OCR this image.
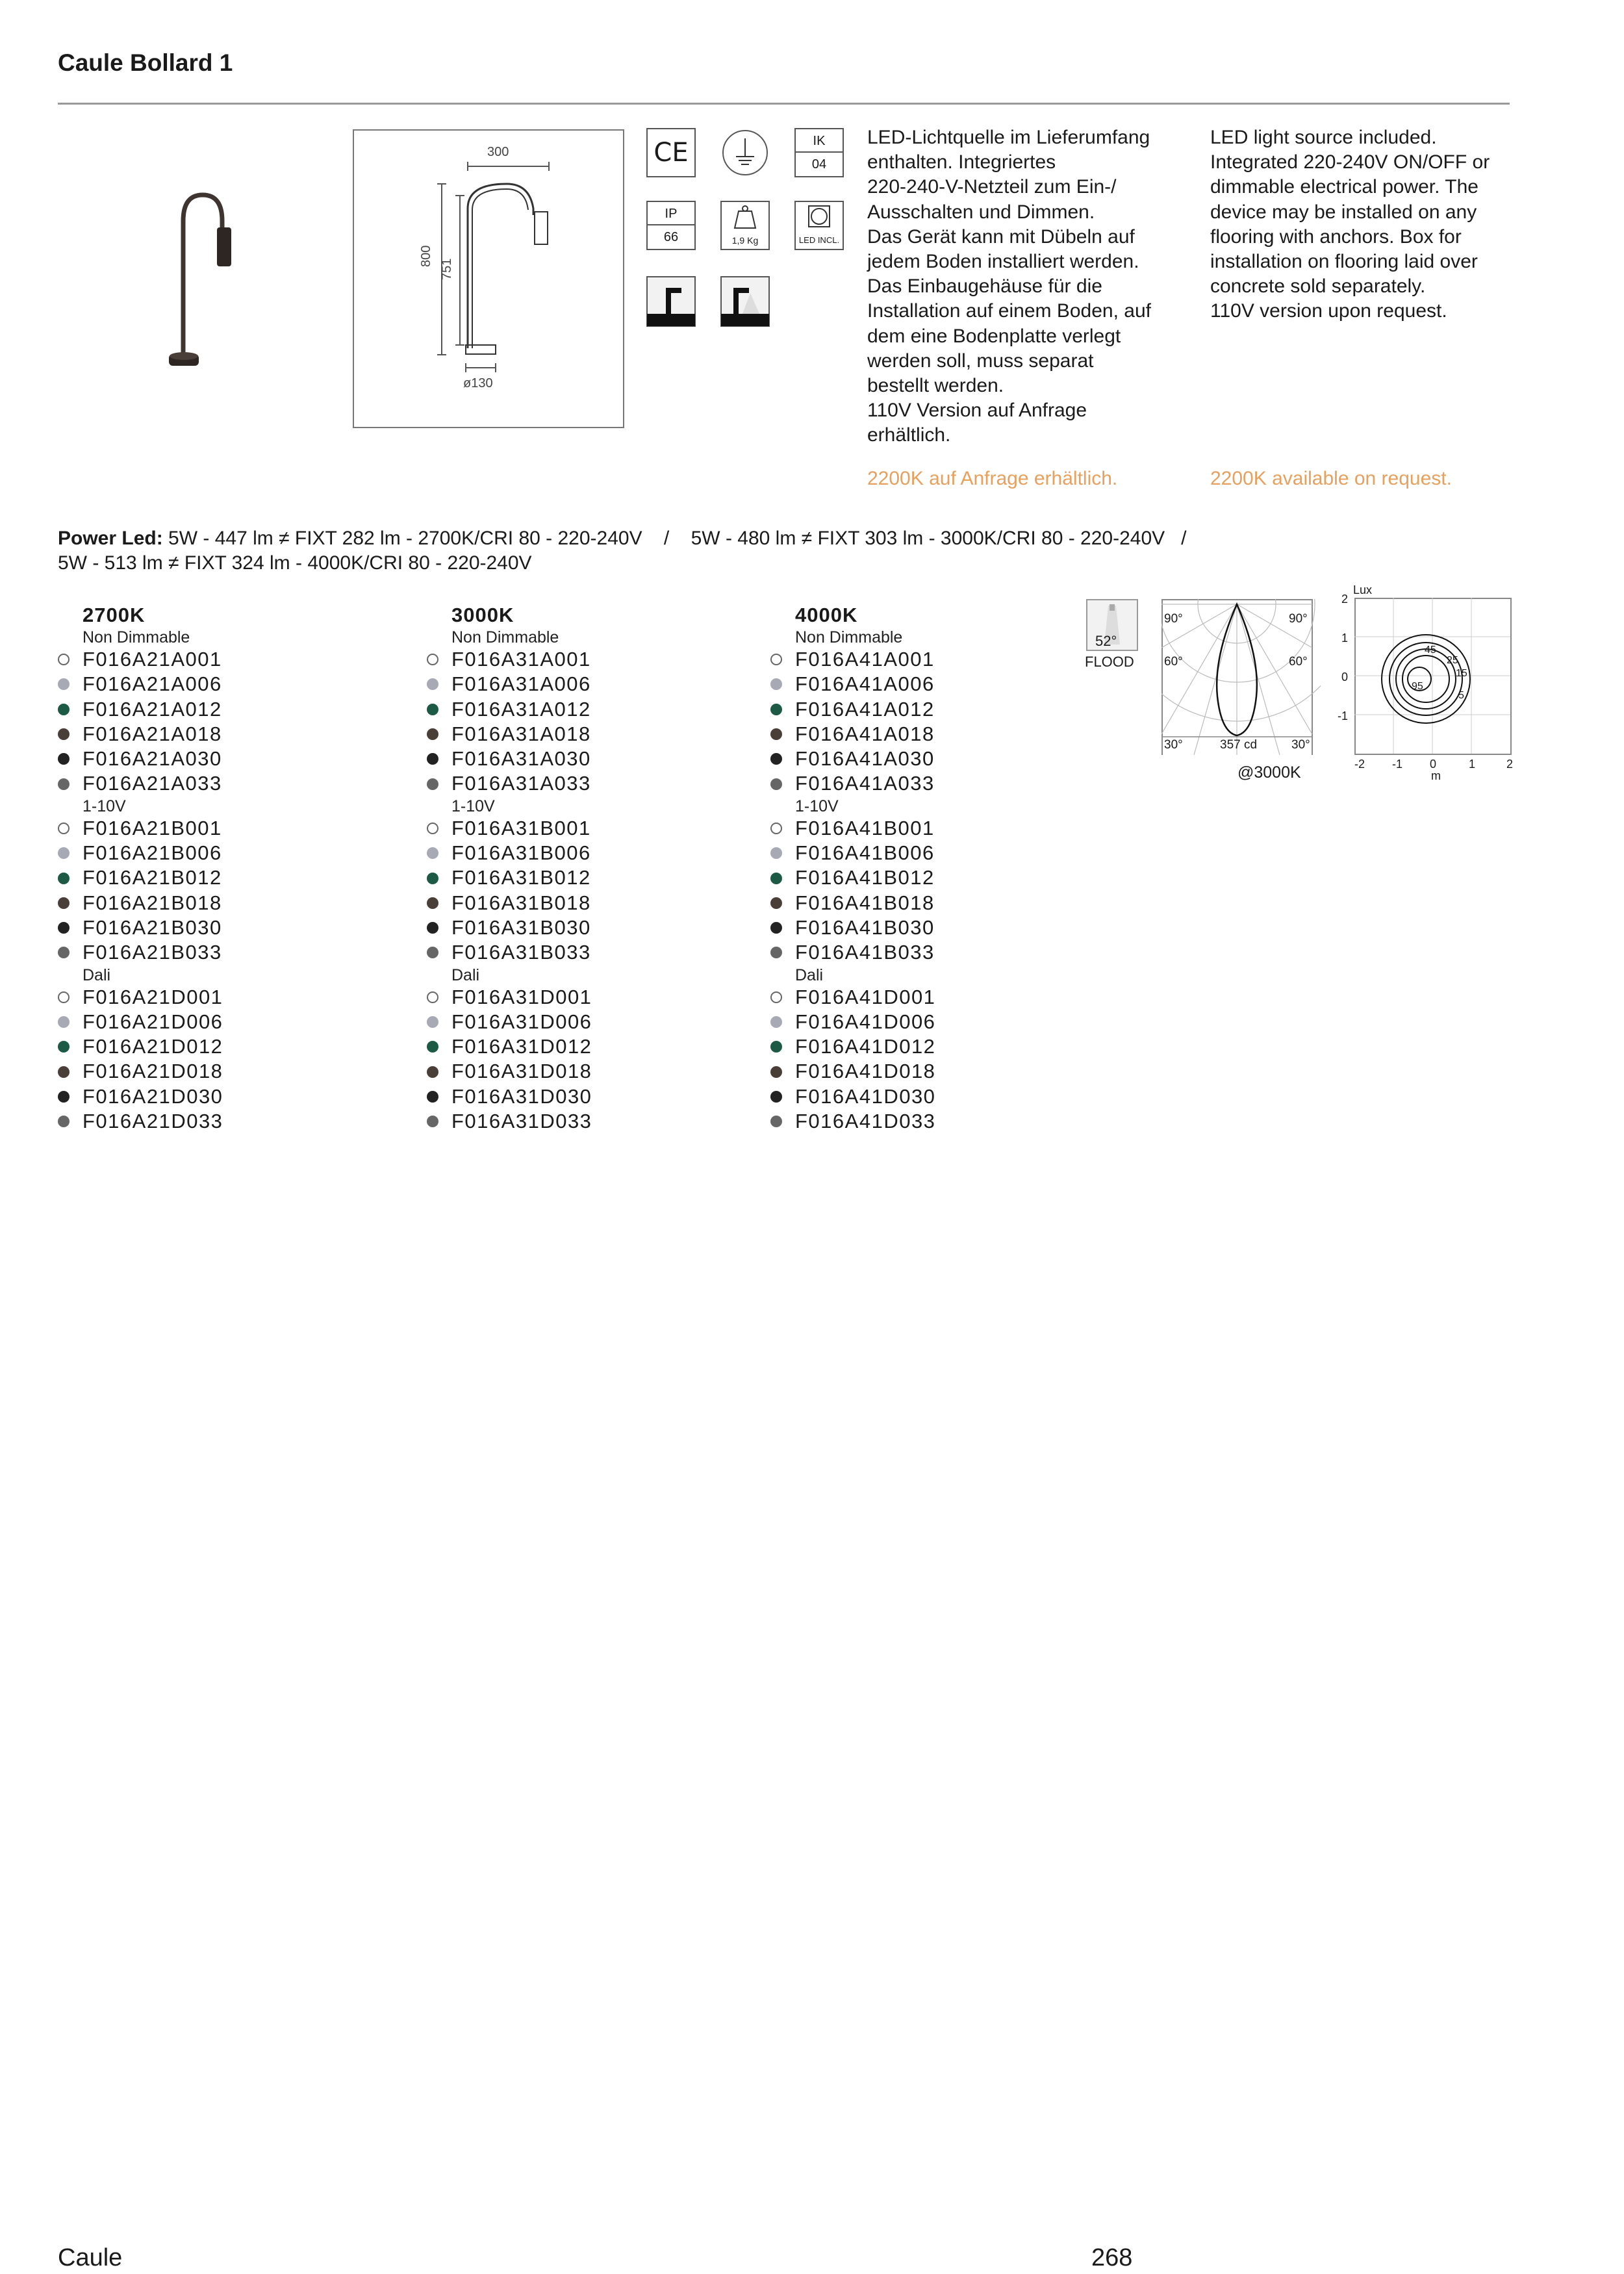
Caule Bollard 1
300
800
751
ø130
CE	IK
04
IP
66	1,9 Kg	LED INCL.
LED-Lichtquelle im Lieferumfang
enthalten. Integriertes
220-240-V-Netzteil zum Ein-/
Ausschalten und Dimmen.
Das Gerät kann mit Dübeln auf
jedem Boden installiert werden.
Das Einbaugehäuse für die
Installation auf einem Boden, auf
dem eine Bodenplatte verlegt
werden soll, muss separat
bestellt werden.
110V Version auf Anfrage
erhältlich.
2200K auf Anfrage erhältlich.
LED light source included.
Integrated 220-240V ON/OFF or
dimmable electrical power. The
device may be installed on any
flooring with anchors. Box for
installation on flooring laid over
concrete sold separately.
110V version upon request.
2200K available on request.
Power Led: 5W - 447 lm ≠ FIXT 282 lm - 2700K/CRI 80 - 220-240V    /    5W - 480 lm ≠ FIXT 303 lm - 3000K/CRI 80 - 220-240V   /
5W - 513 lm ≠ FIXT 324 lm - 4000K/CRI 80 - 220-240V
2700K
Non Dimmable
F016A21A001
F016A21A006
F016A21A012
F016A21A018
F016A21A030
F016A21A033
1-10V
F016A21B001
F016A21B006
F016A21B012
F016A21B018
F016A21B030
F016A21B033
Dali
F016A21D001
F016A21D006
F016A21D012
F016A21D018
F016A21D030
F016A21D033
3000K
Non Dimmable
F016A31A001
F016A31A006
F016A31A012
F016A31A018
F016A31A030
F016A31A033
1-10V
F016A31B001
F016A31B006
F016A31B012
F016A31B018
F016A31B030
F016A31B033
Dali
F016A31D001
F016A31D006
F016A31D012
F016A31D018
F016A31D030
F016A31D033
4000K
Non Dimmable
F016A41A001
F016A41A006
F016A41A012
F016A41A018
F016A41A030
F016A41A033
1-10V
F016A41B001
F016A41B006
F016A41B012
F016A41B018
F016A41B030
F016A41B033
Dali
F016A41D001
F016A41D006
F016A41D012
F016A41D018
F016A41D030
F016A41D033
52°
FLOOD
90°	90°
60°	60°
30°	30°
357 cd
@3000K
Lux
2
1
0
-1
-2 -1 0	1	2
m
45
25
15
5
95
Caule	268
